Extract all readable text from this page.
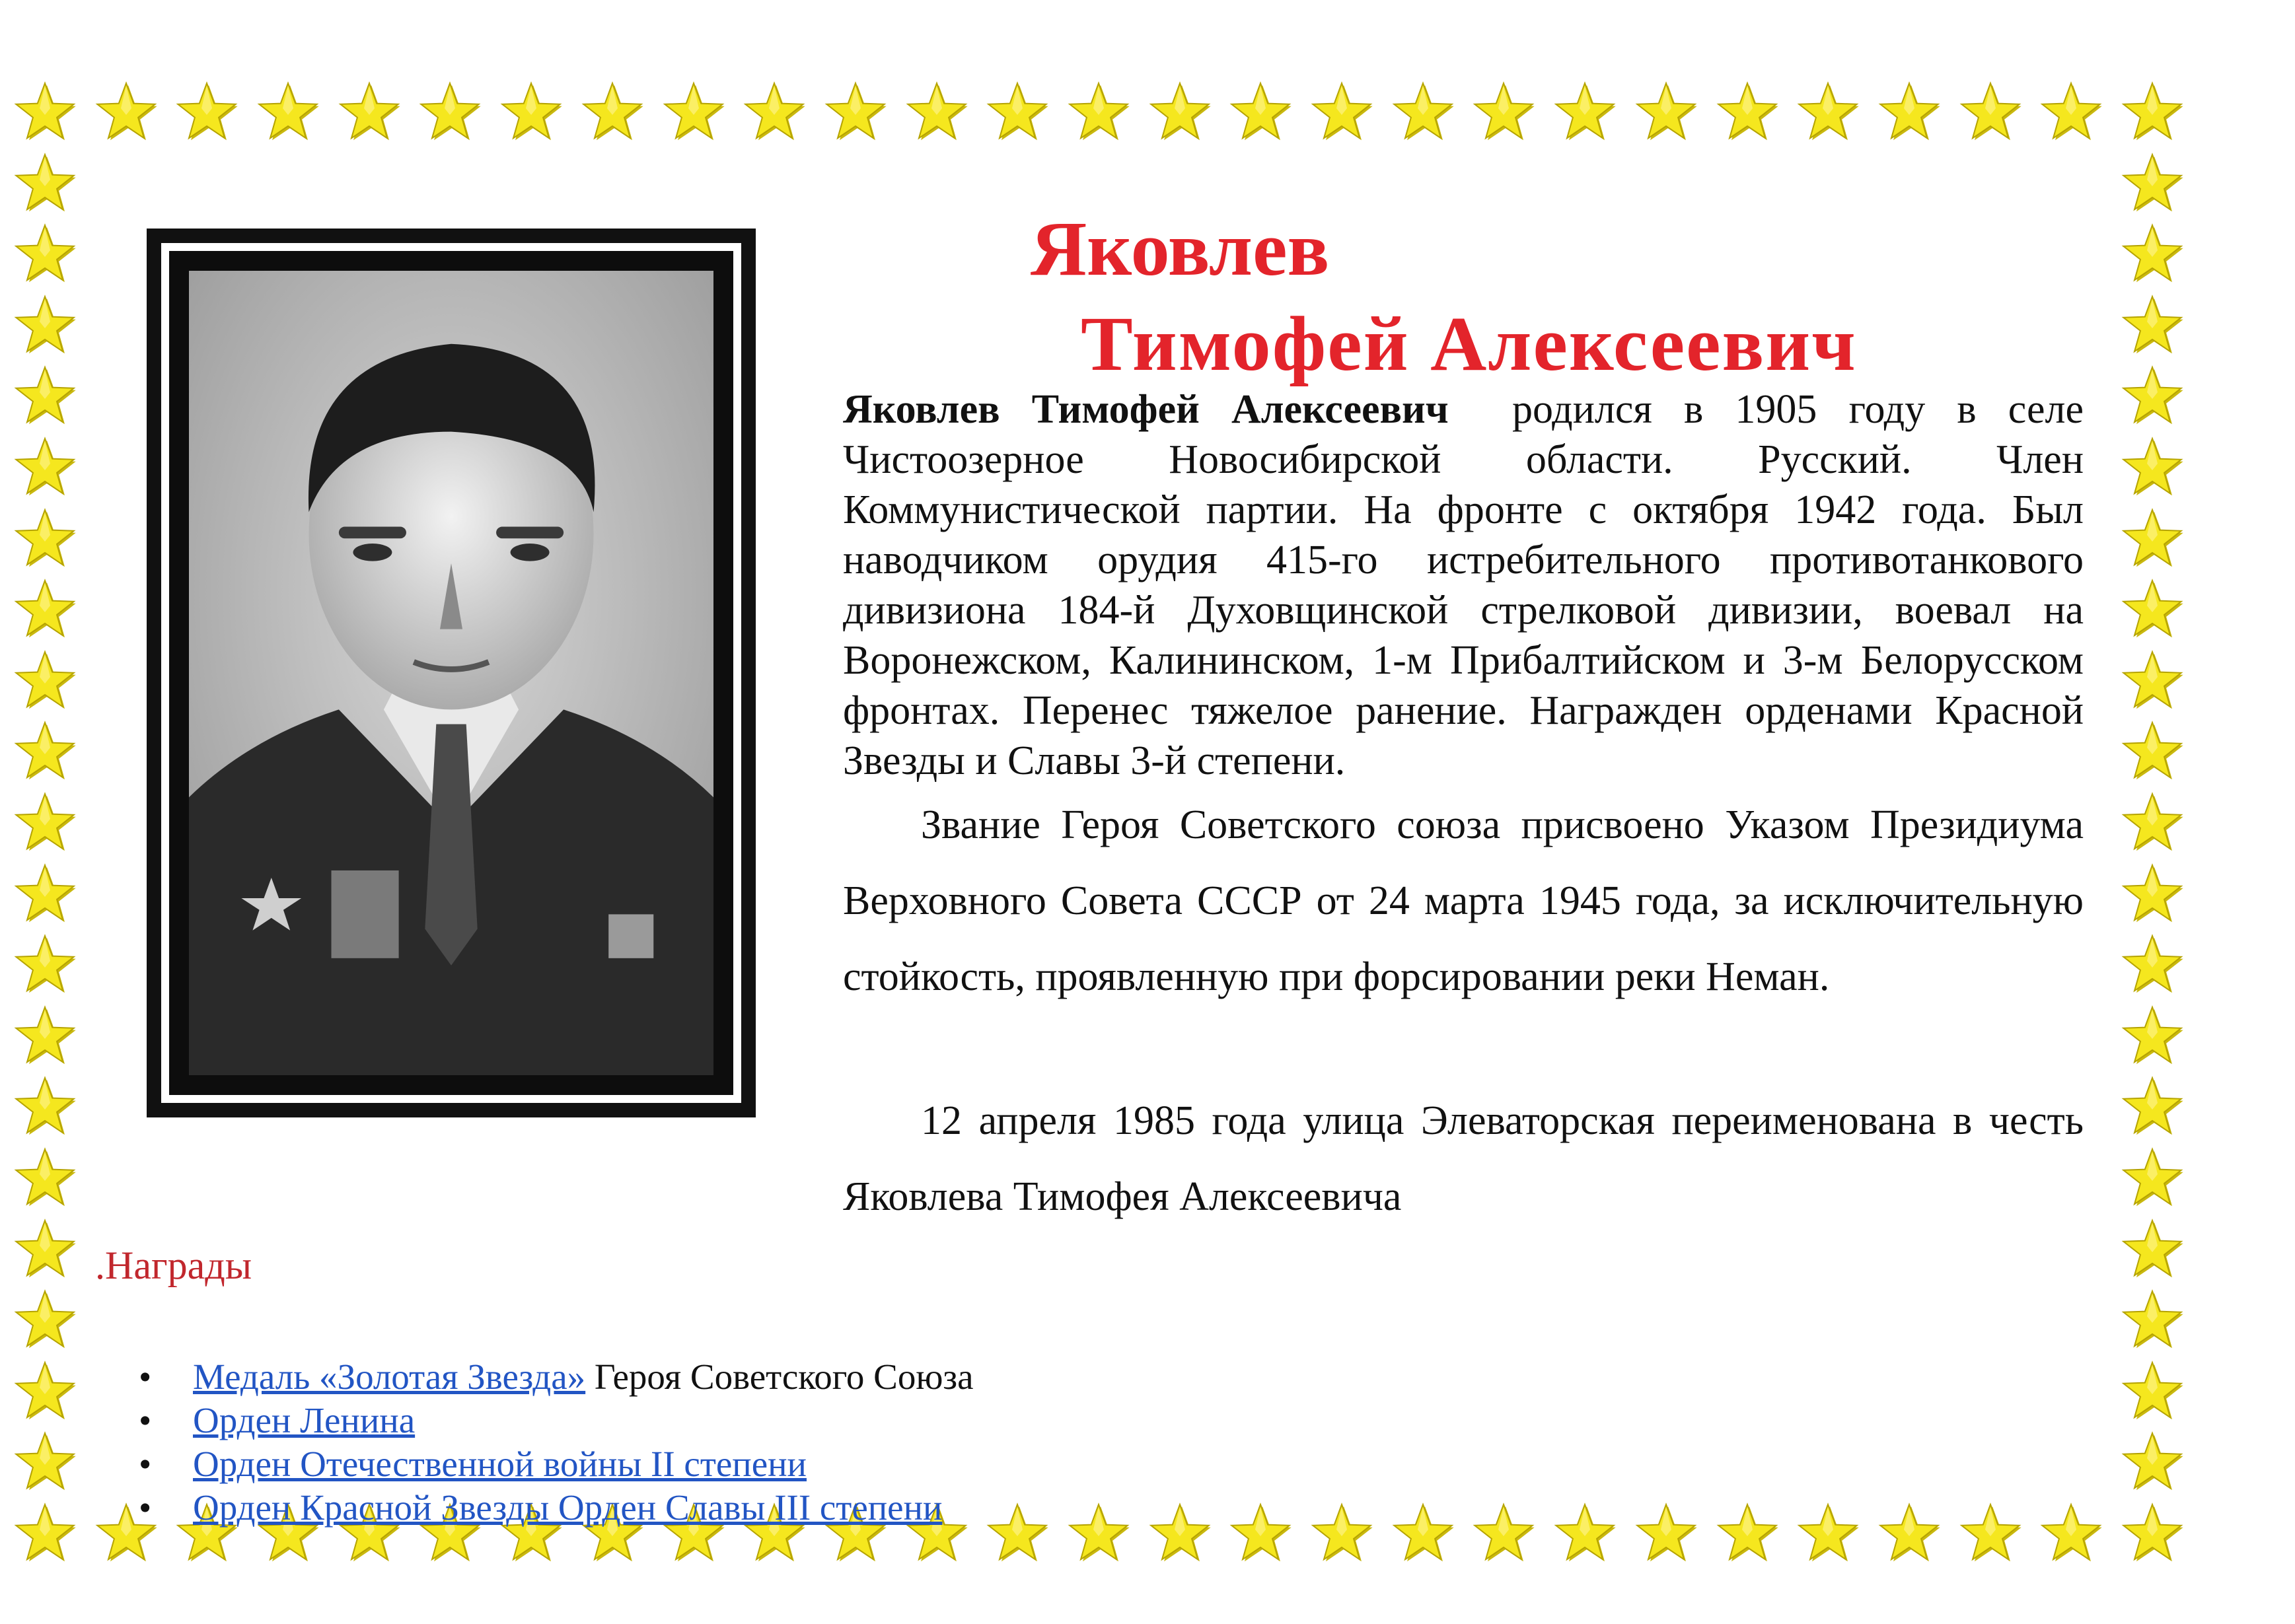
Яковлев
Тимофей Алексеевич
Яковлев Тимофей Алексеевич родился в 1905 году в селе Чистоозерное Новосибирской области. Русский. Член Коммунистической партии. На фронте с октября 1942 года. Был наводчиком орудия 415-го истребительного противотанкового дивизиона 184-й Духовщинской стрелковой дивизии, воевал на Воронежском, Калининском, 1-м Прибалтийском и 3-м Белорусском фронтах. Перенес тяжелое ранение. Награжден орденами Красной Звезды и Славы 3-й степени.
Звание Героя Советского союза присвоено Указом Президиума Верховного Совета СССР от 24 марта 1945 года, за исключительную стойкость, проявленную при форсировании реки Неман.
12 апреля 1985 года улица Элеваторская переименована в честь Яковлева Тимофея Алексеевича
.Награды
• Медаль «Золотая Звезда» Героя Советского Союза
• Орден Ленина
• Орден Отечественной войны II степени
• Орден Красной Звезды Орден Славы III степени
